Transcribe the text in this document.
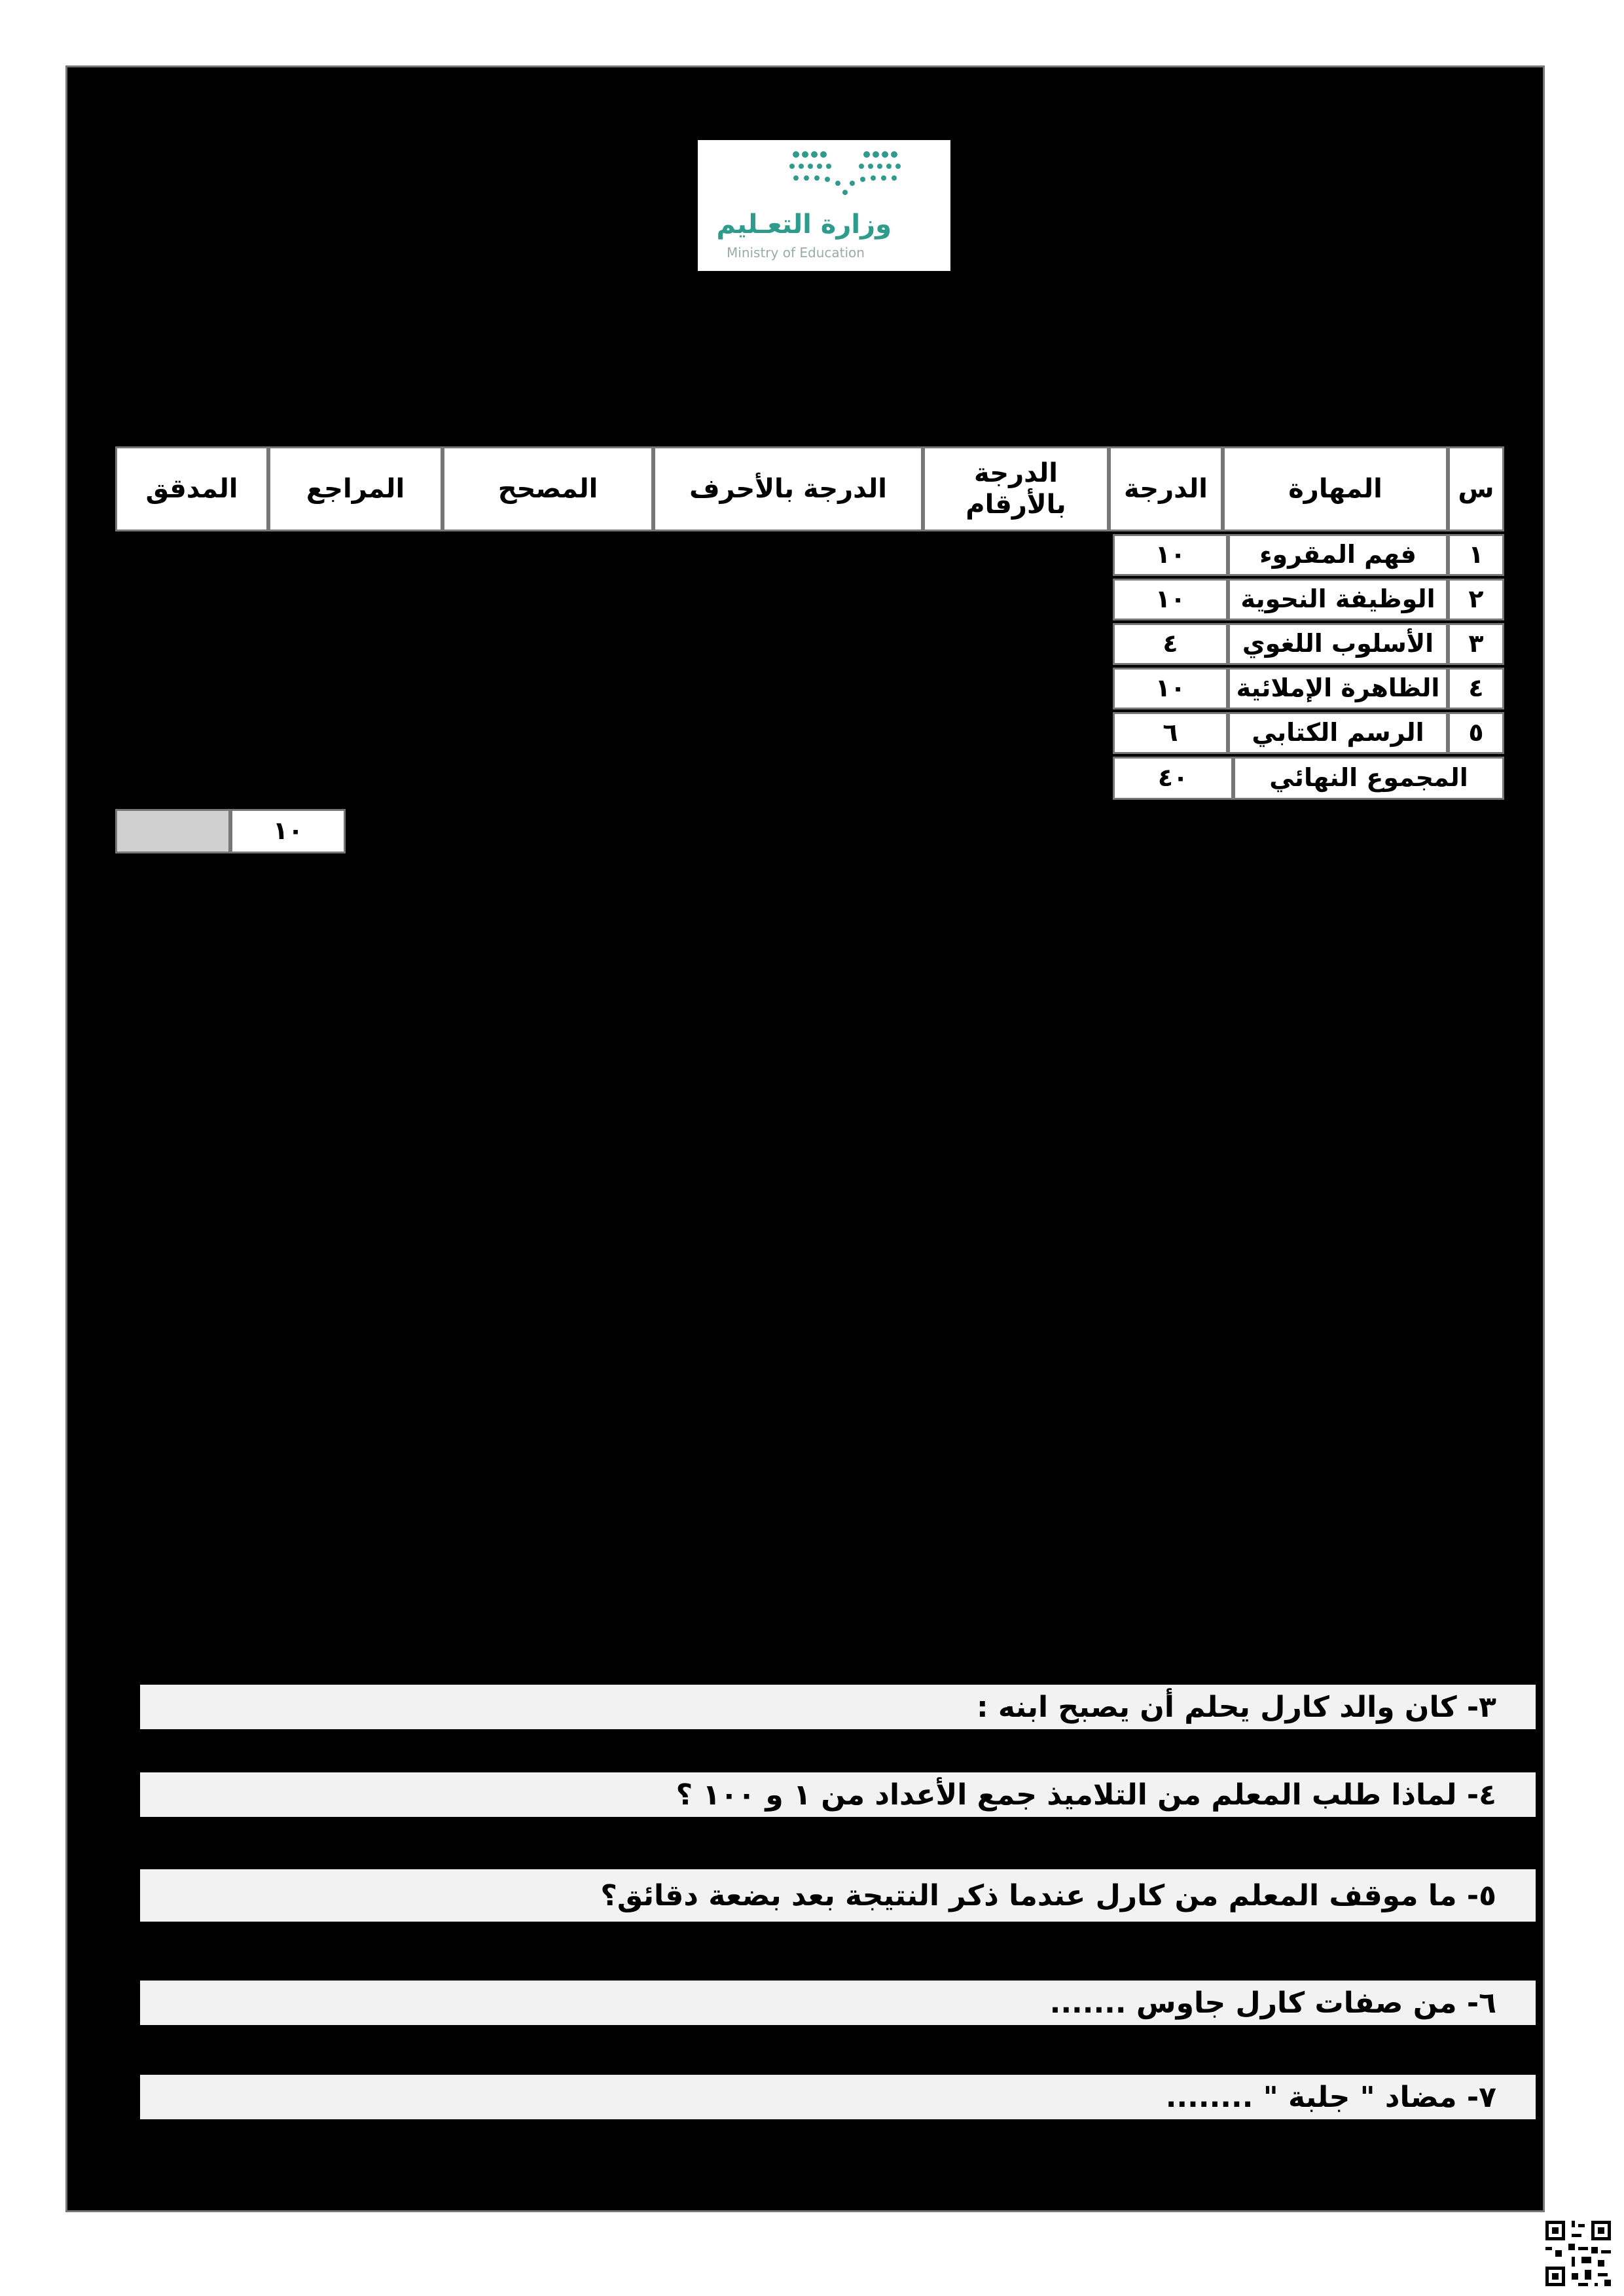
وزارة التعـليم
Ministry of Education
س
المهارة
الدرجة
الدرجة بالأرقام
الدرجة بالأحرف
المصحح
المراجع
المدقق
١
فهم المقروء
١٠
٢
الوظيفة النحوية
١٠
٣
الأسلوب اللغوي
٤
٤
الظاهرة الإملائية
١٠
٥
الرسم الكتابي
٦
المجموع النهائي
٤٠
١٠
٣- كان والد كارل يحلم أن يصبح ابنه :
٤- لماذا طلب المعلم من التلاميذ جمع الأعداد من ١ و ١٠٠ ؟
٥- ما موقف المعلم من كارل عندما ذكر النتيجة بعد بضعة دقائق؟
٦- من صفات كارل جاوس .......
٧- مضاد " جلبة " ........
